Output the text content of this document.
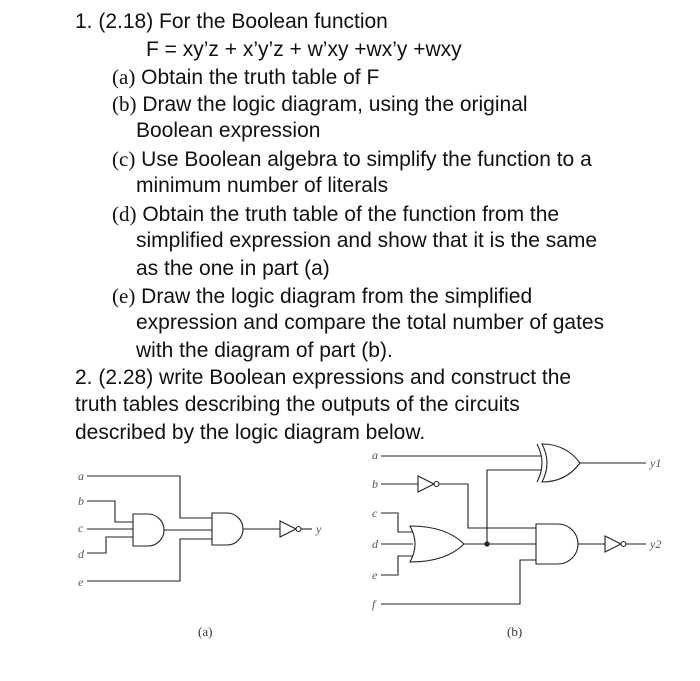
1. (2.18) For the Boolean function
F = xy’z + x’y’z + w’xy +wx’y +wxy
(a) Obtain the truth table of F
(b) Draw the logic diagram, using the original
Boolean expression
(c) Use Boolean algebra to simplify the function to a
minimum number of literals
(d) Obtain the truth table of the function from the
simplified expression and show that it is the same
as the one in part (a)
(e) Draw the logic diagram from the simplified
expression and compare the total number of gates
with the diagram of part (b).
2. (2.28) write Boolean expressions and construct the
truth tables describing the outputs of the circuits
described by the logic diagram below.
a
b
c
d
e
y
(a)
a
b
c
d
e
f
y1
y2
(b)
